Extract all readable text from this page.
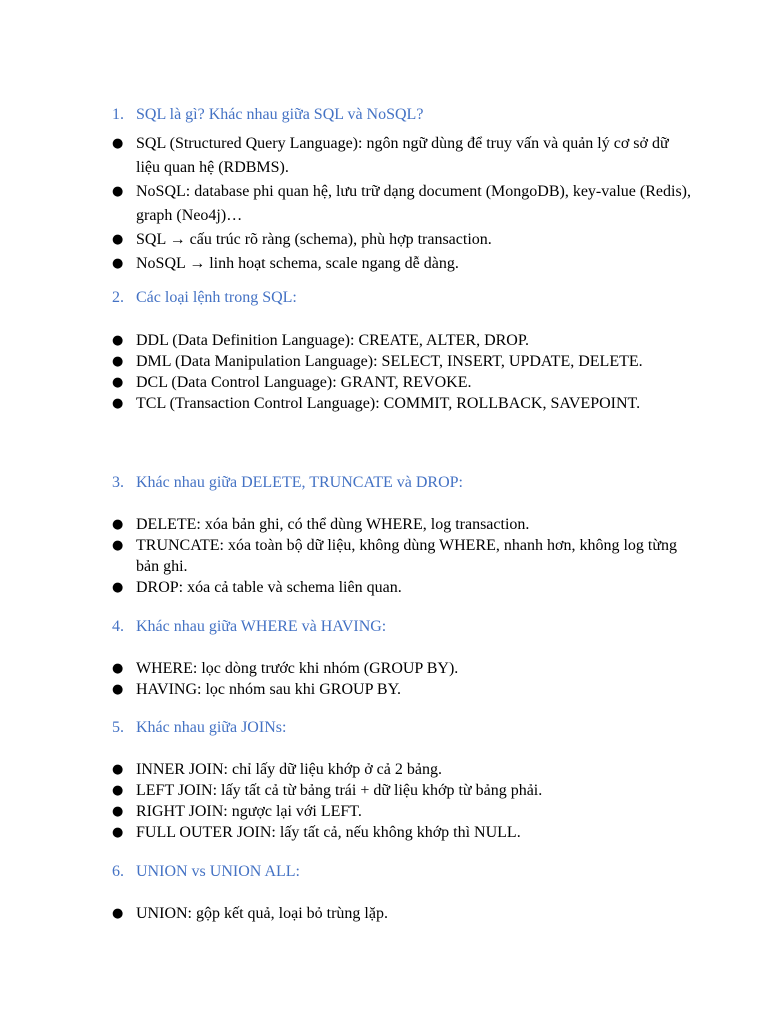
1. SQL là gì? Khác nhau giữa SQL và NoSQL?
● SQL (Structured Query Language): ngôn ngữ dùng để truy vấn và quản lý cơ sở dữ liệu quan hệ (RDBMS).
● NoSQL: database phi quan hệ, lưu trữ dạng document (MongoDB), key-value (Redis), graph (Neo4j)…
● SQL → cấu trúc rõ ràng (schema), phù hợp transaction.
● NoSQL → linh hoạt schema, scale ngang dễ dàng.
2. Các loại lệnh trong SQL:
● DDL (Data Definition Language): CREATE, ALTER, DROP.
● DML (Data Manipulation Language): SELECT, INSERT, UPDATE, DELETE.
● DCL (Data Control Language): GRANT, REVOKE.
● TCL (Transaction Control Language): COMMIT, ROLLBACK, SAVEPOINT.
3. Khác nhau giữa DELETE, TRUNCATE và DROP:
● DELETE: xóa bản ghi, có thể dùng WHERE, log transaction.
● TRUNCATE: xóa toàn bộ dữ liệu, không dùng WHERE, nhanh hơn, không log từng bản ghi.
● DROP: xóa cả table và schema liên quan.
4. Khác nhau giữa WHERE và HAVING:
● WHERE: lọc dòng trước khi nhóm (GROUP BY).
● HAVING: lọc nhóm sau khi GROUP BY.
5. Khác nhau giữa JOINs:
● INNER JOIN: chỉ lấy dữ liệu khớp ở cả 2 bảng.
● LEFT JOIN: lấy tất cả từ bảng trái + dữ liệu khớp từ bảng phải.
● RIGHT JOIN: ngược lại với LEFT.
● FULL OUTER JOIN: lấy tất cả, nếu không khớp thì NULL.
6. UNION vs UNION ALL:
● UNION: gộp kết quả, loại bỏ trùng lặp.
